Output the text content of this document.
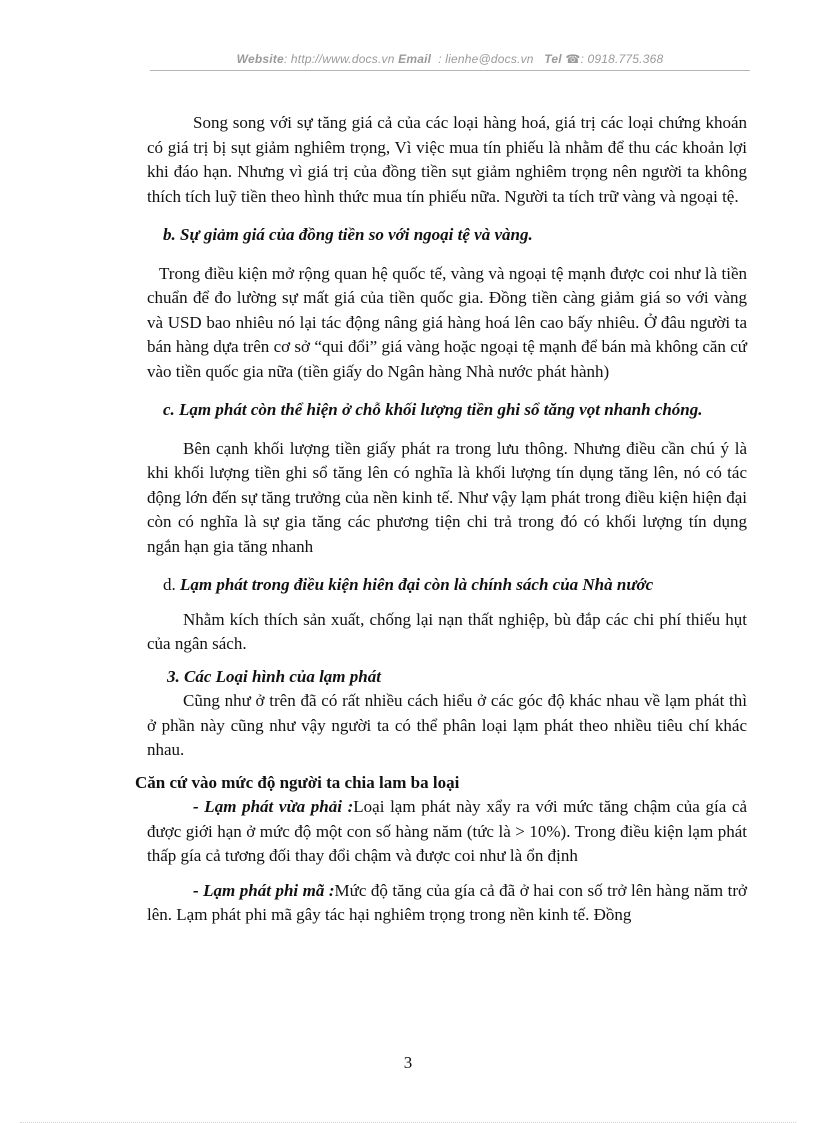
Website: http://www.docs.vn Email : lienhe@docs.vn Tel ☎: 0918.775.368

Song song với sự tăng giá cả của các loại hàng hoá, giá trị các loại chứng khoán có giá trị bị sụt giảm nghiêm trọng, Vì việc mua tín phiếu là nhằm để thu các khoản lợi khi đáo hạn. Nhưng vì giá trị của đồng tiền sụt giảm nghiêm trọng nên người ta không thích tích luỹ tiền theo hình thức mua tín phiếu nữa. Người ta tích trữ vàng và ngoại tệ.

b. Sự giảm giá của đồng tiền so với ngoại tệ và vàng.

Trong điều kiện mở rộng quan hệ quốc tế, vàng và ngoại tệ mạnh được coi như là tiền chuẩn để đo lường sự mất giá của tiền quốc gia. Đồng tiền càng giảm giá so với vàng và USD bao nhiêu nó lại tác động nâng giá hàng hoá lên cao bấy nhiêu. Ở đâu người ta bán hàng dựa trên cơ sở “qui đổi” giá vàng hoặc ngoại tệ mạnh để bán mà không căn cứ vào tiền quốc gia nữa (tiền giấy do Ngân hàng Nhà nước phát hành)

c. Lạm phát còn thể hiện ở chỗ khối lượng tiền ghi sổ tăng vọt nhanh chóng.

Bên cạnh khối lượng tiền giấy phát ra trong lưu thông. Nhưng điều cần chú ý là khi khối lượng tiền ghi sổ tăng lên có nghĩa là khối lượng tín dụng tăng lên, nó có tác động lớn đến sự tăng trưởng của nền kinh tế. Như vậy lạm phát trong điều kiện hiện đại còn có nghĩa là sự gia tăng các phương tiện chi trả trong đó có khối lượng tín dụng ngắn hạn gia tăng nhanh

d. Lạm phát trong điều kiện hiên đại còn là chính sách của Nhà nước

Nhằm kích thích sản xuất, chống lại nạn thất nghiệp, bù đắp các chi phí thiếu hụt của ngân sách.

3. Các Loại hình của lạm phát

Cũng như ở trên đã có rất nhiều cách hiểu ở các góc độ khác nhau về lạm phát thì ở phần này cũng như vậy người ta có thể phân loại lạm phát theo nhiều tiêu chí khác nhau.

Căn cứ vào mức độ người ta chia lam ba loại

- Lạm phát vừa phải :Loại lạm phát này xẩy ra với mức tăng chậm của gía cả được giới hạn ở mức độ một con số hàng năm (tức là > 10%). Trong điều kiện lạm phát thấp gía cả tương đối thay đổi chậm và được coi như là ổn định

- Lạm phát phi mã :Mức độ tăng của gía cả đã ở hai con số trở lên hàng năm trở lên. Lạm phát phi mã gây tác hại nghiêm trọng trong nền kinh tế. Đồng

3
